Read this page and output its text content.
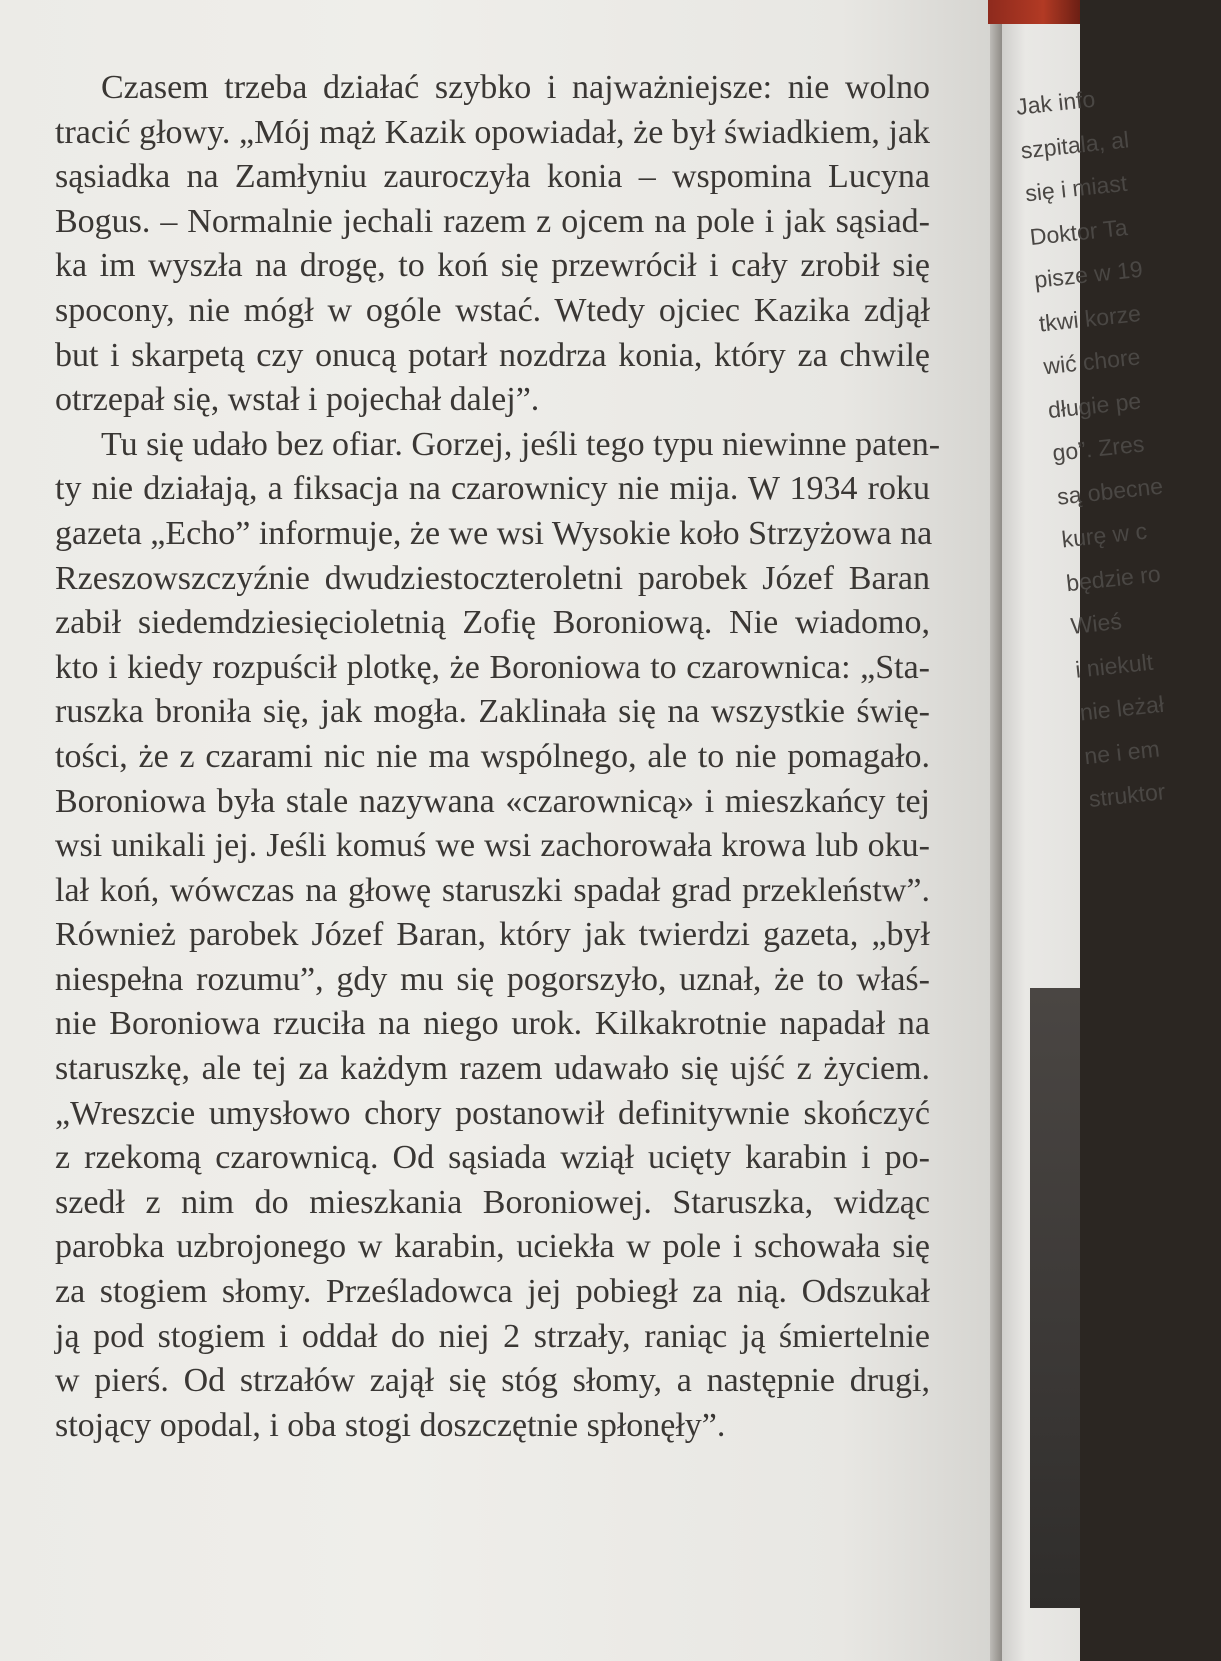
Czasem trzeba działać szybko i najważniejsze: nie wolno
tracić głowy. „Mój mąż Kazik opowiadał, że był świadkiem, jak
sąsiadka na Zamłyniu zauroczyła konia – wspomina Lucyna
Bogus. – Normalnie jechali razem z ojcem na pole i jak sąsiad-
ka im wyszła na drogę, to koń się przewrócił i cały zrobił się
spocony, nie mógł w ogóle wstać. Wtedy ojciec Kazika zdjął
but i skarpetą czy onucą potarł nozdrza konia, który za chwilę
otrzepał się, wstał i pojechał dalej”.

Tu się udało bez ofiar. Gorzej, jeśli tego typu niewinne paten-
ty nie działają, a fiksacja na czarownicy nie mija. W 1934 roku
gazeta „Echo” informuje, że we wsi Wysokie koło Strzyżowa na
Rzeszowszczyźnie dwudziestoczteroletni parobek Józef Baran
zabił siedemdziesięcioletnią Zofię Boroniową. Nie wiadomo,
kto i kiedy rozpuścił plotkę, że Boroniowa to czarownica: „Sta-
ruszka broniła się, jak mogła. Zaklinała się na wszystkie świę-
tości, że z czarami nic nie ma wspólnego, ale to nie pomagało.
Boroniowa była stale nazywana «czarownicą» i mieszkańcy tej
wsi unikali jej. Jeśli komuś we wsi zachorowała krowa lub oku-
lał koń, wówczas na głowę staruszki spadał grad przekleństw”.
Również parobek Józef Baran, który jak twierdzi gazeta, „był
niespełna rozumu”, gdy mu się pogorszyło, uznał, że to właś-
nie Boroniowa rzuciła na niego urok. Kilkakrotnie napadał na
staruszkę, ale tej za każdym razem udawało się ujść z życiem.
„Wreszcie umysłowo chory postanowił definitywnie skończyć
z rzekomą czarownicą. Od sąsiada wziął ucięty karabin i po-
szedł z nim do mieszkania Boroniowej. Staruszka, widząc
parobka uzbrojonego w karabin, uciekła w pole i schowała się
za stogiem słomy. Prześladowca jej pobiegł za nią. Odszukał
ją pod stogiem i oddał do niej 2 strzały, raniąc ją śmiertelnie
w pierś. Od strzałów zajął się stóg słomy, a następnie drugi,
stojący opodal, i oba stogi doszczętnie spłonęły”.

Jak info
szpitala, al
się i miast
Doktor Ta
pisze w 19
tkwi korze
wić chore
długie pe
go”. Zres
są obecne
kurę w c
będzie ro
Wieś
i niekult
nie leżał
ne i em
struktor
